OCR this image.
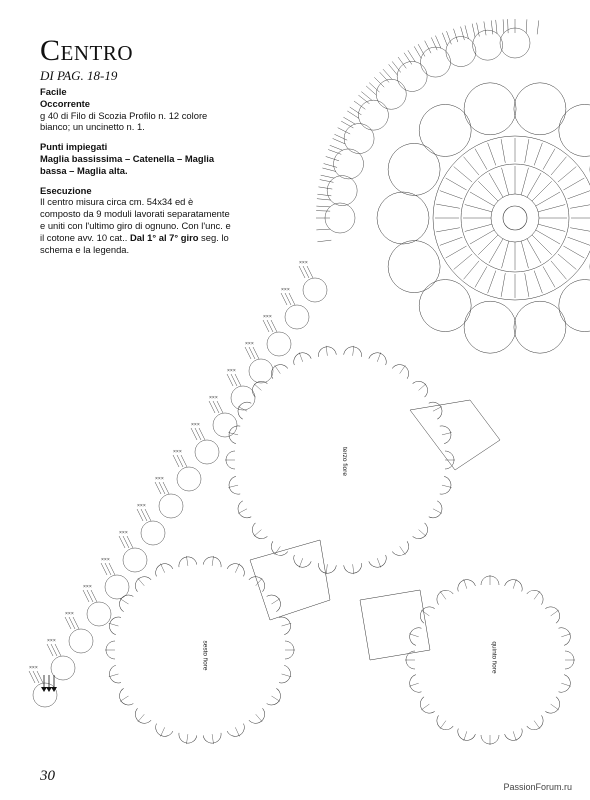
Centro
DI PAG. 18-19

Facile

Occorrente

g 40 di Filo di Scozia Profilo n. 12 colore bianco; un uncinetto n. 1.

Punti impiegati

Maglia bassissima – Catenella – Maglia bassa – Maglia alta.

Esecuzione

Il centro misura circa cm. 54x34 ed è composto da 9 moduli lavorati separatamente e uniti con l'ultimo giro di ognuno. Con l'unc. e il cotone avv. 10 cat.. Dal 1° al 7° giro seg. lo schema e la legenda.

×××
×××
×××
×××
×××
×××
×××
×××
×××
×××
×××
×××
×××
×××
×××
×××
terzo fiore
sesto fiore	quinto fiore
30
PassionForum.ru
